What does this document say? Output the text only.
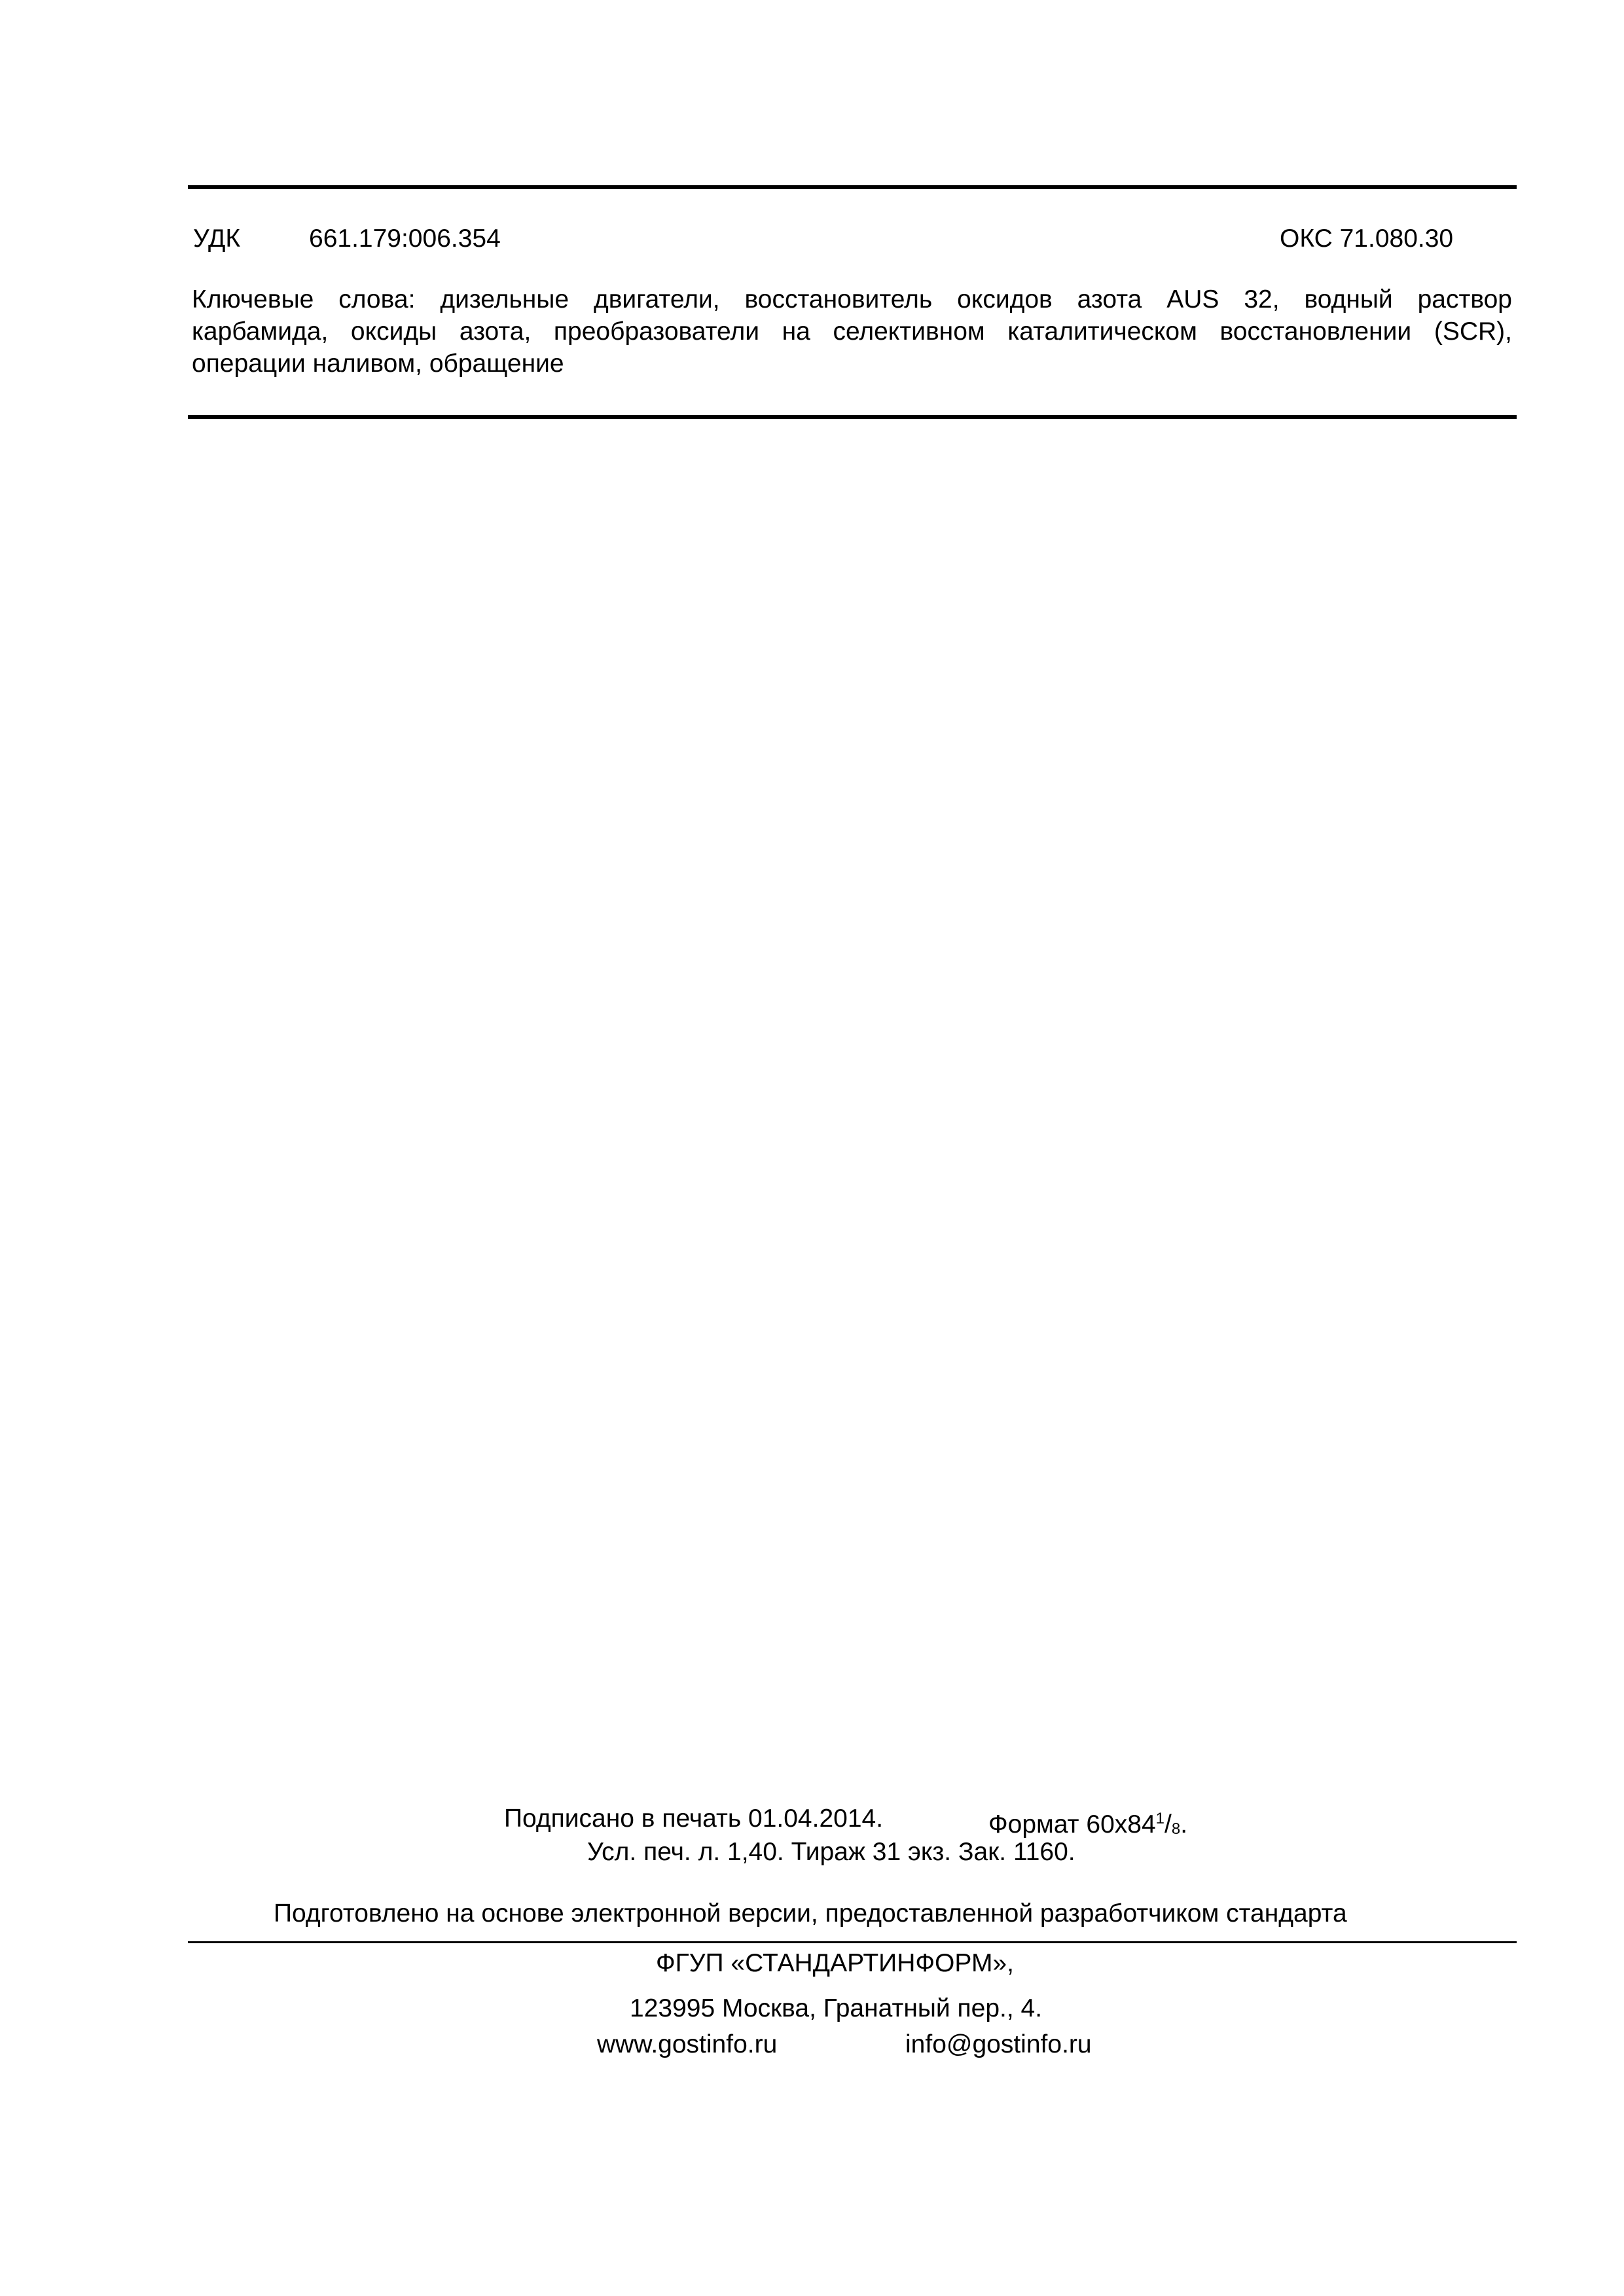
УДК	661.179:006.354	ОКС 71.080.30
Ключевые слова: дизельные двигатели, восстановитель оксидов азота AUS 32, водный раствор
карбамида, оксиды азота, преобразователи на селективном каталитическом восстановлении (SCR),
операции наливом, обращение
Подписано в печать 01.04.2014.	Формат $60x84^1/_8$.
Усл. печ. л. 1,40. Тираж 31 экз. Зак. 1160.
Подготовлено на основе электронной версии, предоставленной разработчиком стандарта
ФГУП «СТАНДАРТИНФОРМ»,
123995 Москва, Гранатный пер., 4.
www.gostinfo.ru	info@gostinfo.ru
